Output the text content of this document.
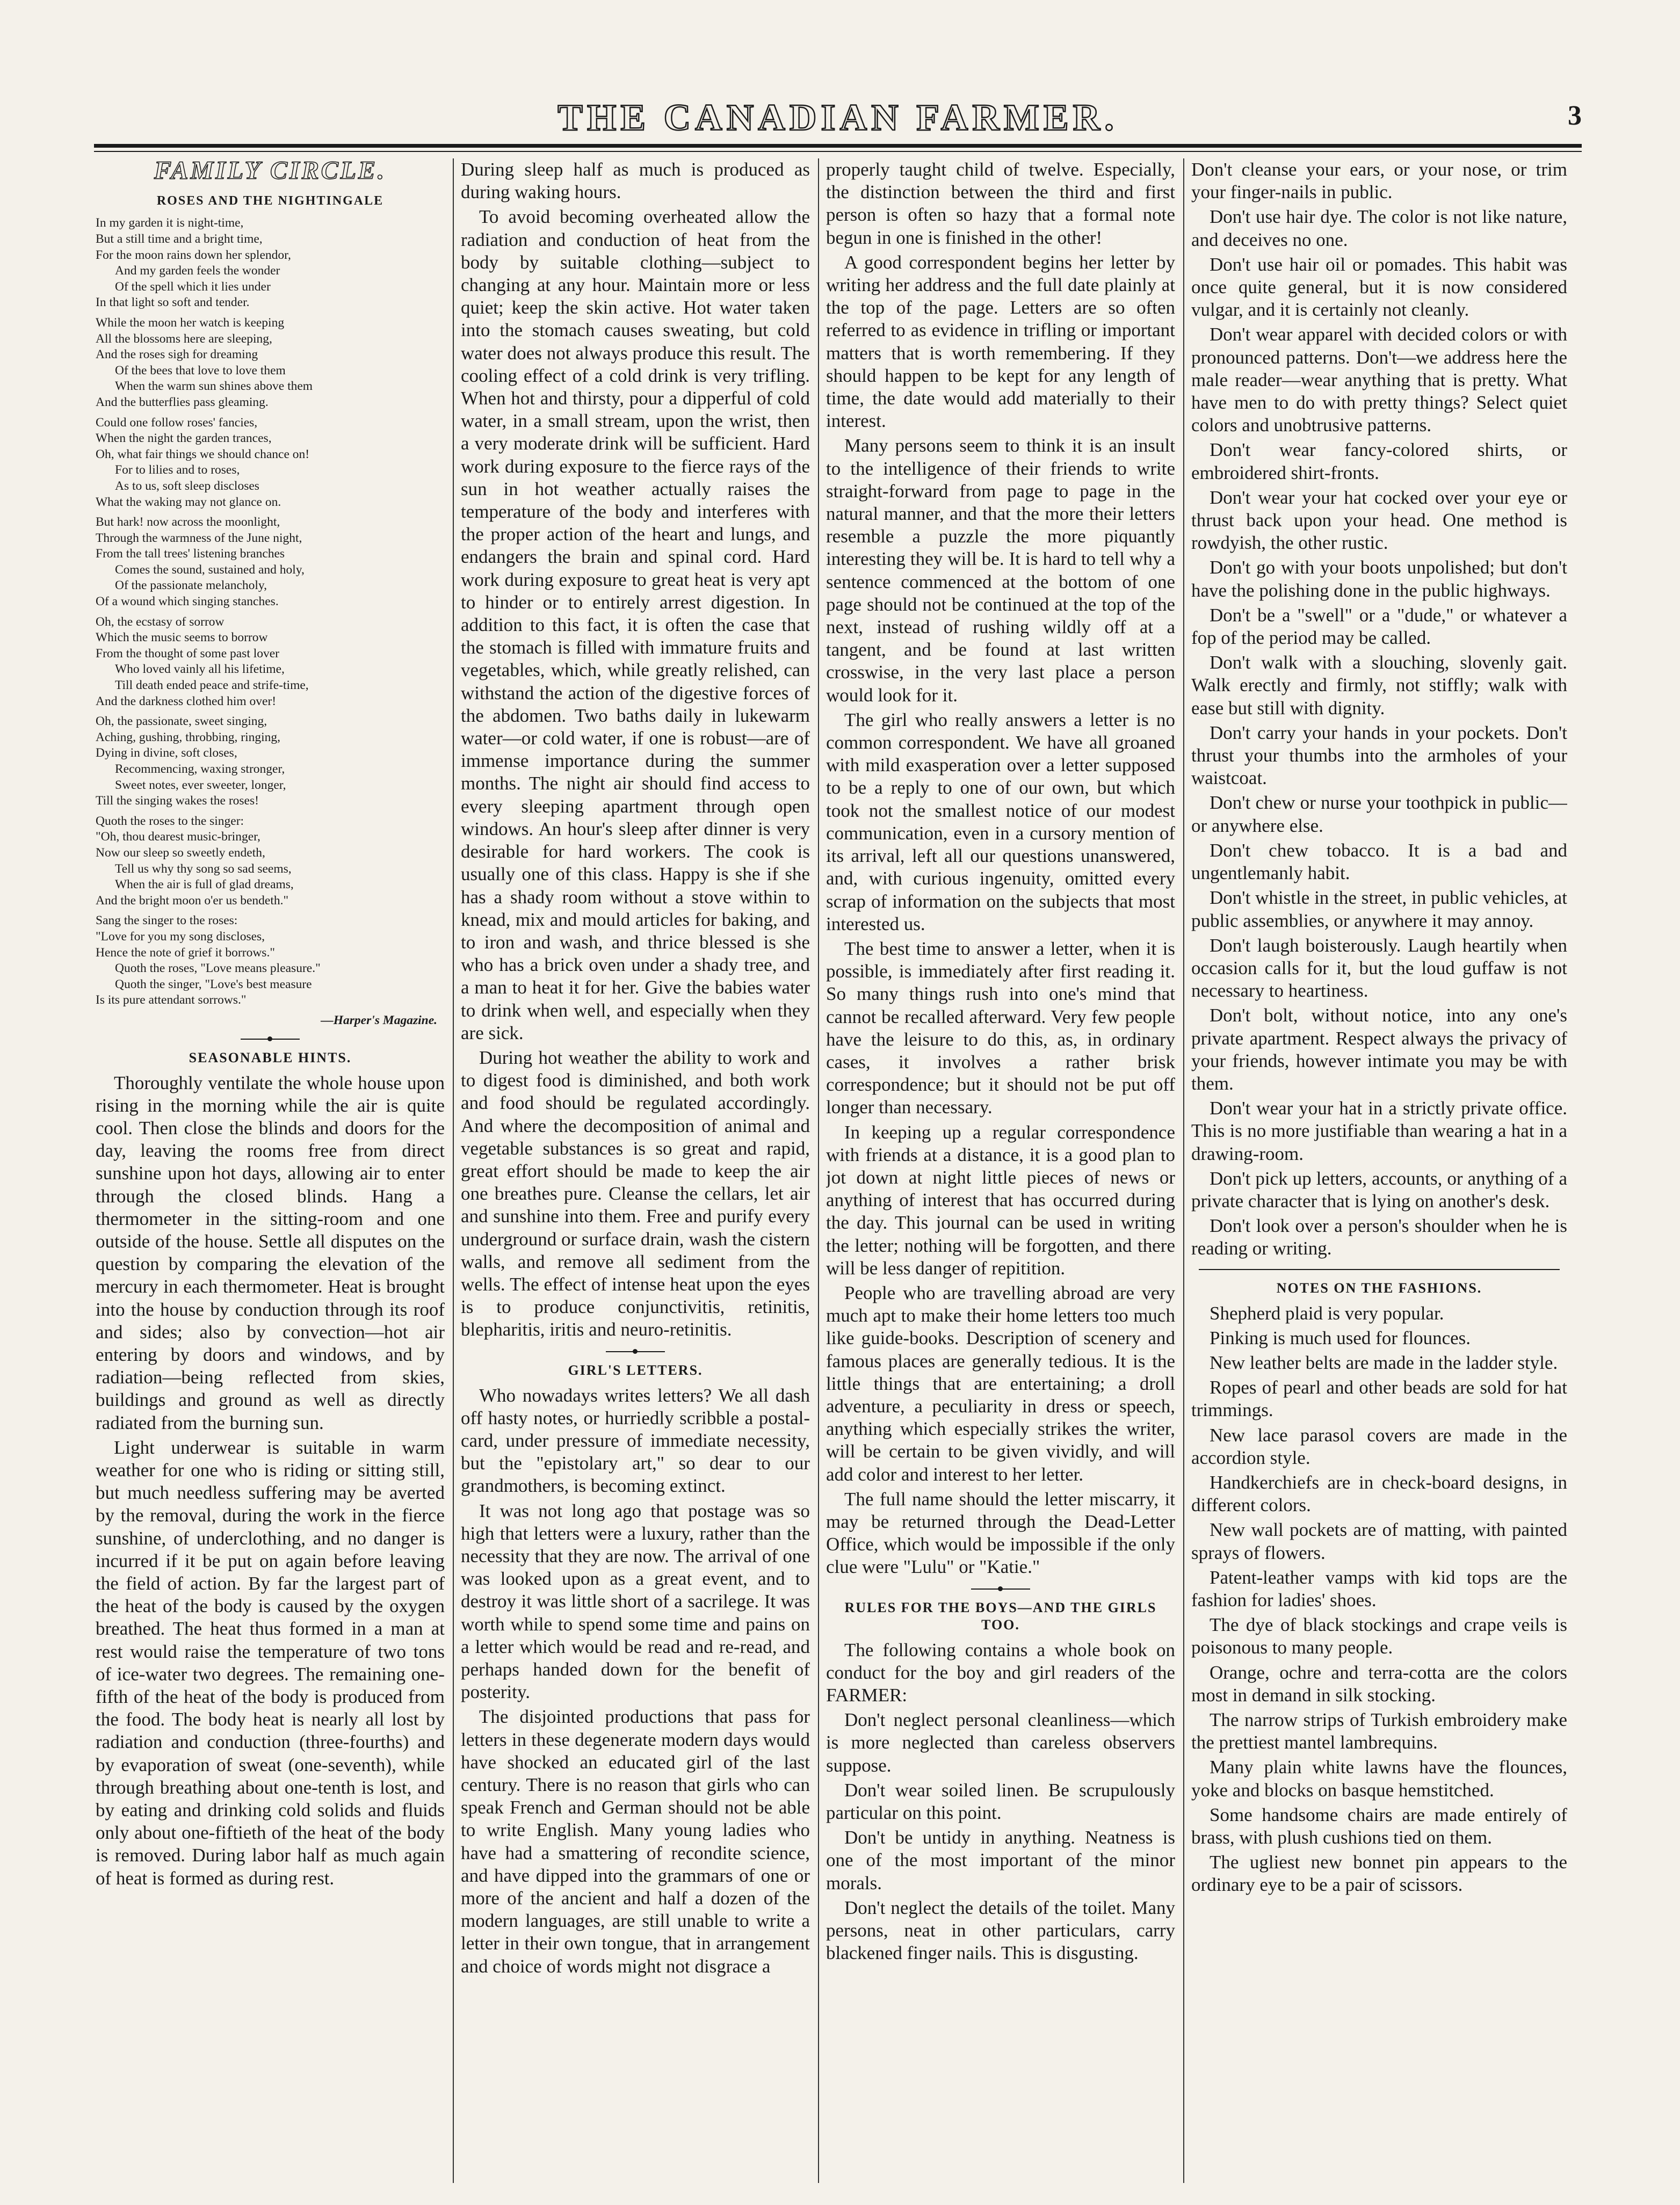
THE CANADIAN FARMER.	3
FAMILY CIRCLE.
ROSES AND THE NIGHTINGALE
In my garden it is night-time,
But a still time and a bright time,
For the moon rains down her splendor,
And my garden feels the wonder
Of the spell which it lies under
In that light so soft and tender.
While the moon her watch is keeping
All the blossoms here are sleeping,
And the roses sigh for dreaming
Of the bees that love to love them
When the warm sun shines above them
And the butterflies pass gleaming.
Could one follow roses' fancies,
When the night the garden trances,
Oh, what fair things we should chance on!
For to lilies and to roses,
As to us, soft sleep discloses
What the waking may not glance on.
But hark! now across the moonlight,
Through the warmness of the June night,
From the tall trees' listening branches
Comes the sound, sustained and holy,
Of the passionate melancholy,
Of a wound which singing stanches.
Oh, the ecstasy of sorrow
Which the music seems to borrow
From the thought of some past lover
Who loved vainly all his lifetime,
Till death ended peace and strife-time,
And the darkness clothed him over!
Oh, the passionate, sweet singing,
Aching, gushing, throbbing, ringing,
Dying in divine, soft closes,
Recommencing, waxing stronger,
Sweet notes, ever sweeter, longer,
Till the singing wakes the roses!
Quoth the roses to the singer:
"Oh, thou dearest music-bringer,
Now our sleep so sweetly endeth,
Tell us why thy song so sad seems,
When the air is full of glad dreams,
And the bright moon o'er us bendeth."
Sang the singer to the roses:
"Love for you my song discloses,
Hence the note of grief it borrows."
Quoth the roses, "Love means pleasure."
Quoth the singer, "Love's best measure
Is its pure attendant sorrows."
—Harper's Magazine.
SEASONABLE HINTS.

Thoroughly ventilate the whole house upon rising in the morning while the air is quite cool. Then close the blinds and doors for the day, leaving the rooms free from direct sunshine upon hot days, allowing air to enter through the closed blinds. Hang a thermometer in the sitting-room and one outside of the house. Settle all disputes on the question by comparing the elevation of the mercury in each thermometer. Heat is brought into the house by conduction through its roof and sides; also by convection—hot air entering by doors and windows, and by radiation—being reflected from skies, buildings and ground as well as directly radiated from the burning sun.

Light underwear is suitable in warm weather for one who is riding or sitting still, but much needless suffering may be averted by the removal, during the work in the fierce sunshine, of underclothing, and no danger is incurred if it be put on again before leaving the field of action. By far the largest part of the heat of the body is caused by the oxygen breathed. The heat thus formed in a man at rest would raise the temperature of two tons of ice-water two degrees. The remaining one-fifth of the heat of the body is produced from the food. The body heat is nearly all lost by radiation and conduction (three-fourths) and by evaporation of sweat (one-seventh), while through breathing about one-tenth is lost, and by eating and drinking cold solids and fluids only about one-fiftieth of the heat of the body is removed. During labor half as much again of heat is formed as during rest.

During sleep half as much is produced as during waking hours.

To avoid becoming overheated allow the radiation and conduction of heat from the body by suitable clothing—subject to changing at any hour. Maintain more or less quiet; keep the skin active. Hot water taken into the stomach causes sweating, but cold water does not always produce this result. The cooling effect of a cold drink is very trifling. When hot and thirsty, pour a dipperful of cold water, in a small stream, upon the wrist, then a very moderate drink will be sufficient. Hard work during exposure to the fierce rays of the sun in hot weather actually raises the temperature of the body and interferes with the proper action of the heart and lungs, and endangers the brain and spinal cord. Hard work during exposure to great heat is very apt to hinder or to entirely arrest digestion. In addition to this fact, it is often the case that the stomach is filled with immature fruits and vegetables, which, while greatly relished, can withstand the action of the digestive forces of the abdomen. Two baths daily in lukewarm water—or cold water, if one is robust—are of immense importance during the summer months. The night air should find access to every sleeping apartment through open windows. An hour's sleep after dinner is very desirable for hard workers. The cook is usually one of this class. Happy is she if she has a shady room without a stove within to knead, mix and mould articles for baking, and to iron and wash, and thrice blessed is she who has a brick oven under a shady tree, and a man to heat it for her. Give the babies water to drink when well, and especially when they are sick.

During hot weather the ability to work and to digest food is diminished, and both work and food should be regulated accordingly. And where the decomposition of animal and vegetable substances is so great and rapid, great effort should be made to keep the air one breathes pure. Cleanse the cellars, let air and sunshine into them. Free and purify every underground or surface drain, wash the cistern walls, and remove all sediment from the wells. The effect of intense heat upon the eyes is to produce conjunctivitis, retinitis, blepharitis, iritis and neuro-retinitis.

GIRL'S LETTERS.

Who nowadays writes letters? We all dash off hasty notes, or hurriedly scribble a postal-card, under pressure of immediate necessity, but the "epistolary art," so dear to our grandmothers, is becoming extinct.

It was not long ago that postage was so high that letters were a luxury, rather than the necessity that they are now. The arrival of one was looked upon as a great event, and to destroy it was little short of a sacrilege. It was worth while to spend some time and pains on a letter which would be read and re-read, and perhaps handed down for the benefit of posterity.

The disjointed productions that pass for letters in these degenerate modern days would have shocked an educated girl of the last century. There is no reason that girls who can speak French and German should not be able to write English. Many young ladies who have had a smattering of recondite science, and have dipped into the grammars of one or more of the ancient and half a dozen of the modern languages, are still unable to write a letter in their own tongue, that in arrangement and choice of words might not disgrace a

properly taught child of twelve. Especially, the distinction between the third and first person is often so hazy that a formal note begun in one is finished in the other!

A good correspondent begins her letter by writing her address and the full date plainly at the top of the page. Letters are so often referred to as evidence in trifling or important matters that is worth remembering. If they should happen to be kept for any length of time, the date would add materially to their interest.

Many persons seem to think it is an insult to the intelligence of their friends to write straight-forward from page to page in the natural manner, and that the more their letters resemble a puzzle the more piquantly interesting they will be. It is hard to tell why a sentence commenced at the bottom of one page should not be continued at the top of the next, instead of rushing wildly off at a tangent, and be found at last written crosswise, in the very last place a person would look for it.

The girl who really answers a letter is no common correspondent. We have all groaned with mild exasperation over a letter supposed to be a reply to one of our own, but which took not the smallest notice of our modest communication, even in a cursory mention of its arrival, left all our questions unanswered, and, with curious ingenuity, omitted every scrap of information on the subjects that most interested us.

The best time to answer a letter, when it is possible, is immediately after first reading it. So many things rush into one's mind that cannot be recalled afterward. Very few people have the leisure to do this, as, in ordinary cases, it involves a rather brisk correspondence; but it should not be put off longer than necessary.

In keeping up a regular correspondence with friends at a distance, it is a good plan to jot down at night little pieces of news or anything of interest that has occurred during the day. This journal can be used in writing the letter; nothing will be forgotten, and there will be less danger of repitition.

People who are travelling abroad are very much apt to make their home letters too much like guide-books. Description of scenery and famous places are generally tedious. It is the little things that are entertaining; a droll adventure, a peculiarity in dress or speech, anything which especially strikes the writer, will be certain to be given vividly, and will add color and interest to her letter.

The full name should the letter miscarry, it may be returned through the Dead-Letter Office, which would be impossible if the only clue were "Lulu" or "Katie."

RULES FOR THE BOYS—AND THE GIRLS TOO.

The following contains a whole book on conduct for the boy and girl readers of the FARMER:

Don't neglect personal cleanliness—which is more neglected than careless observers suppose.

Don't wear soiled linen. Be scrupulously particular on this point.

Don't be untidy in anything. Neatness is one of the most important of the minor morals.

Don't neglect the details of the toilet. Many persons, neat in other particulars, carry blackened finger nails. This is disgusting.

Don't cleanse your ears, or your nose, or trim your finger-nails in public.

Don't use hair dye. The color is not like nature, and deceives no one.

Don't use hair oil or pomades. This habit was once quite general, but it is now considered vulgar, and it is certainly not cleanly.

Don't wear apparel with decided colors or with pronounced patterns. Don't—we address here the male reader—wear anything that is pretty. What have men to do with pretty things? Select quiet colors and unobtrusive patterns.

Don't wear fancy-colored shirts, or embroidered shirt-fronts.

Don't wear your hat cocked over your eye or thrust back upon your head. One method is rowdyish, the other rustic.

Don't go with your boots unpolished; but don't have the polishing done in the public highways.

Don't be a "swell" or a "dude," or whatever a fop of the period may be called.

Don't walk with a slouching, slovenly gait. Walk erectly and firmly, not stiffly; walk with ease but still with dignity.

Don't carry your hands in your pockets. Don't thrust your thumbs into the armholes of your waistcoat.

Don't chew or nurse your toothpick in public—or anywhere else.

Don't chew tobacco. It is a bad and ungentlemanly habit.

Don't whistle in the street, in public vehicles, at public assemblies, or anywhere it may annoy.

Don't laugh boisterously. Laugh heartily when occasion calls for it, but the loud guffaw is not necessary to heartiness.

Don't bolt, without notice, into any one's private apartment. Respect always the privacy of your friends, however intimate you may be with them.

Don't wear your hat in a strictly private office. This is no more justifiable than wearing a hat in a drawing-room.

Don't pick up letters, accounts, or anything of a private character that is lying on another's desk.

Don't look over a person's shoulder when he is reading or writing.

NOTES ON THE FASHIONS.

Shepherd plaid is very popular.

Pinking is much used for flounces.

New leather belts are made in the ladder style.

Ropes of pearl and other beads are sold for hat trimmings.

New lace parasol covers are made in the accordion style.

Handkerchiefs are in check-board designs, in different colors.

New wall pockets are of matting, with painted sprays of flowers.

Patent-leather vamps with kid tops are the fashion for ladies' shoes.

The dye of black stockings and crape veils is poisonous to many people.

Orange, ochre and terra-cotta are the colors most in demand in silk stocking.

The narrow strips of Turkish embroidery make the prettiest mantel lambrequins.

Many plain white lawns have the flounces, yoke and blocks on basque hemstitched.

Some handsome chairs are made entirely of brass, with plush cushions tied on them.

The ugliest new bonnet pin appears to the ordinary eye to be a pair of scissors.
